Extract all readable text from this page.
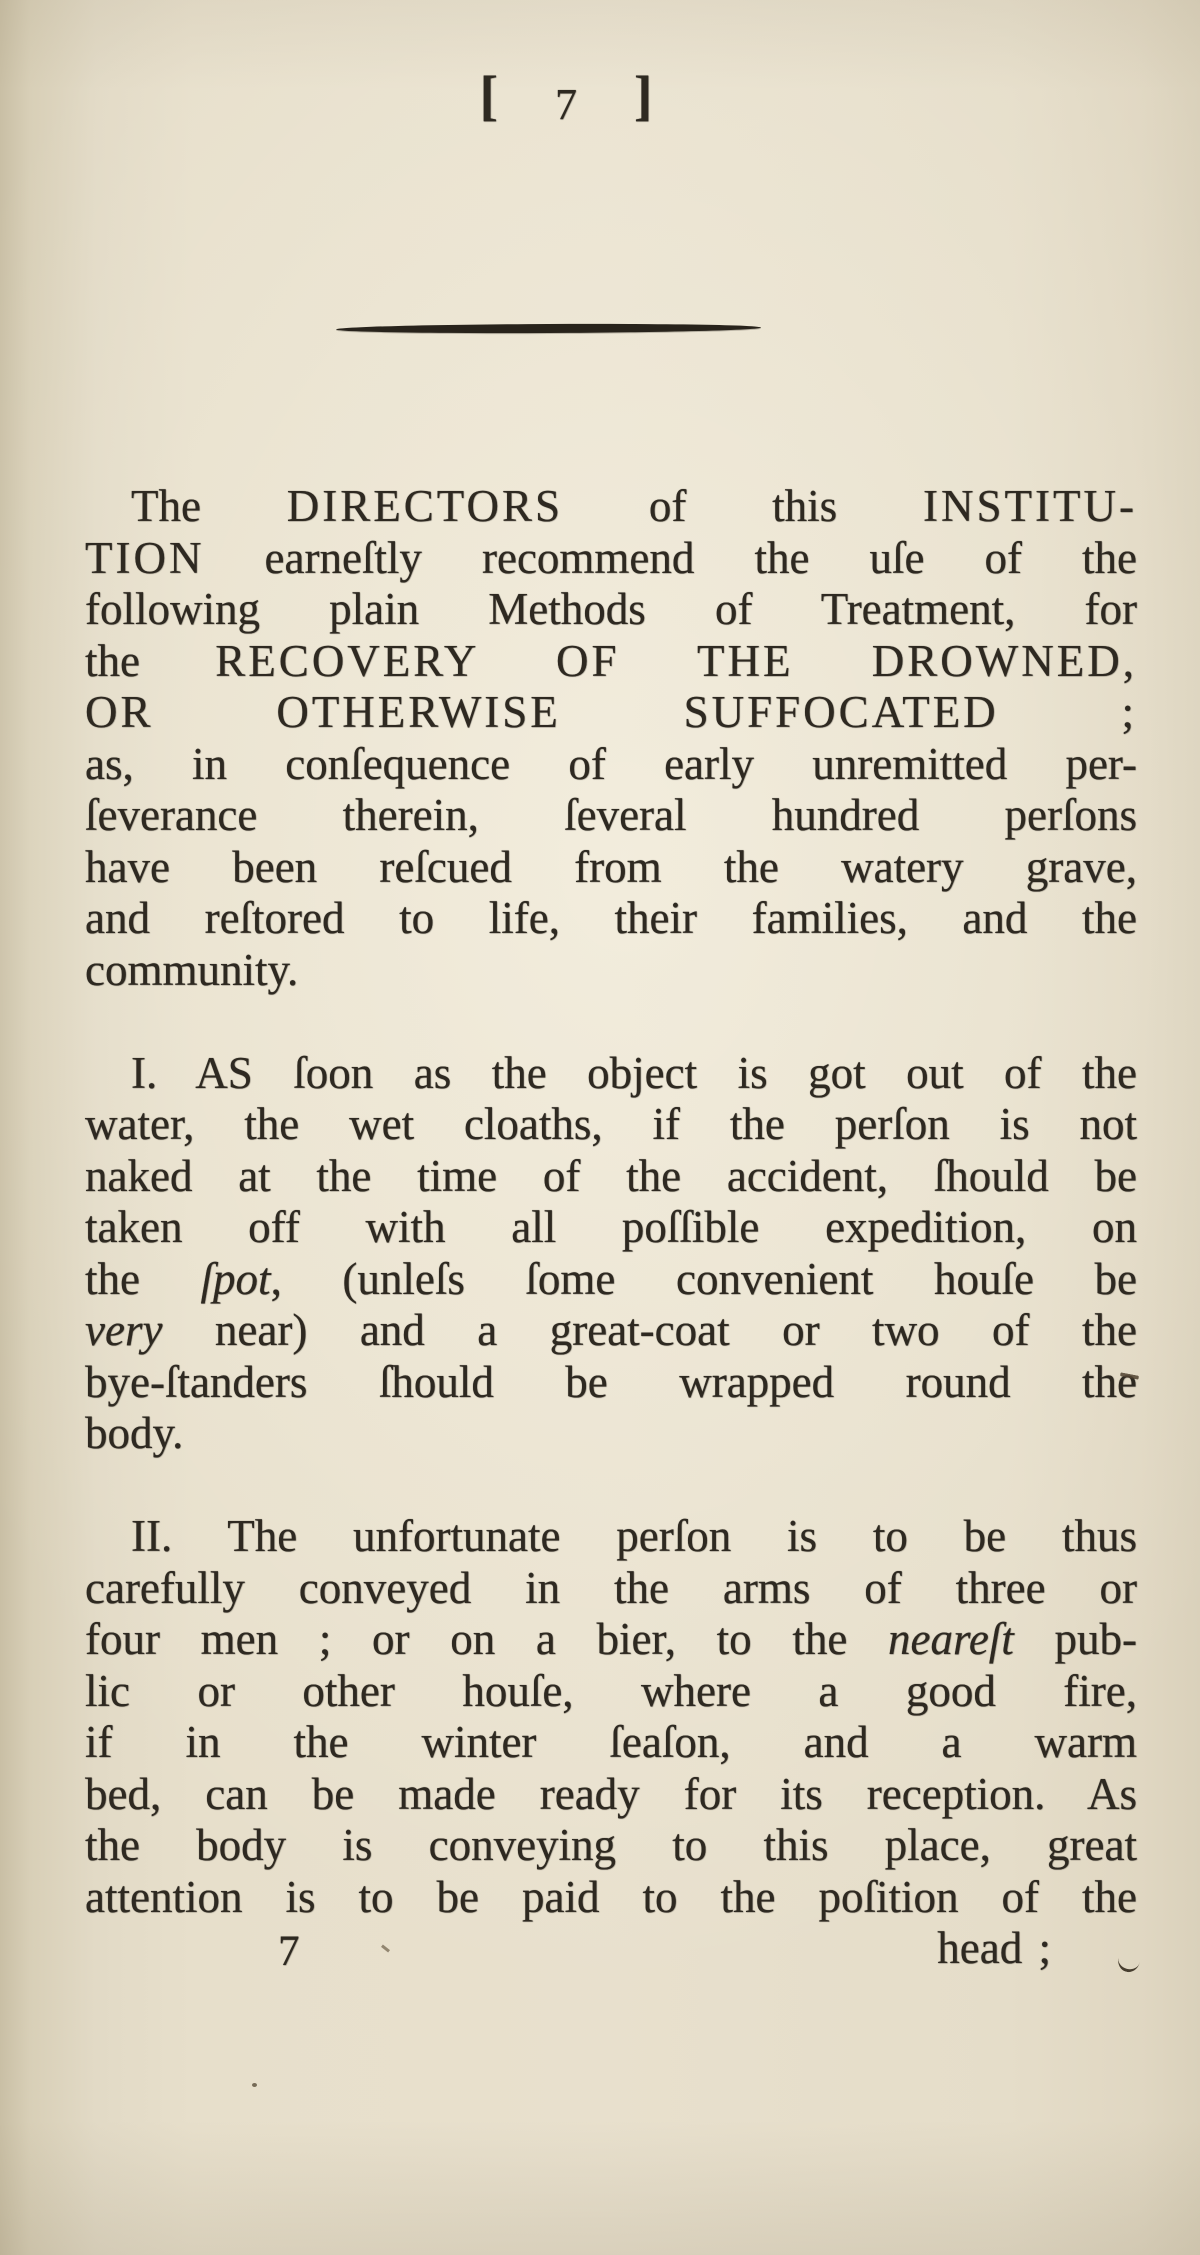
[ 7 ]
The DIRECTORS of this INSTITU-
TION earneſtly recommend the uſe of the
following plain Methods of Treatment, for
the RECOVERY OF THE DROWNED,
OR OTHERWISE SUFFOCATED ;
as, in conſequence of early unremitted per-
ſeverance therein, ſeveral hundred perſons
have been reſcued from the watery grave,
and reſtored to life, their families, and the
community.
I. AS ſoon as the object is got out of the
water, the wet cloaths, if the perſon is not
naked at the time of the accident, ſhould be
taken off with all poſſible expedition, on
the ſpot, (unleſs ſome convenient houſe be
very near) and a great-coat or two of the
bye-ſtanders ſhould be wrapped round the
body.
II. The unfortunate perſon is to be thus
carefully conveyed in the arms of three or
four men ; or on a bier, to the neareſt pub-
lic or other houſe, where a good fire,
if in the winter ſeaſon, and a warm
bed, can be made ready for its reception. As
the body is conveying to this place, great
attention is to be paid to the poſition of the
7	head ;
